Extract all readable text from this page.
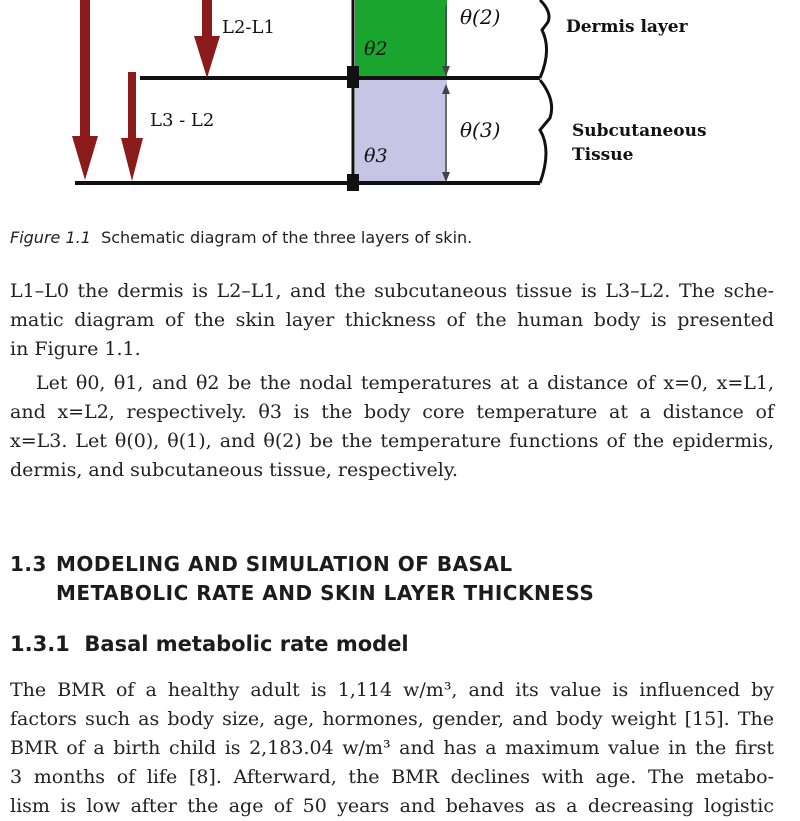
L2-L1
L3 - L2
θ2
θ3
θ(2)
θ(3)
Dermis layer
Subcutaneous
Tissue
Figure 1.1 Schematic diagram of the three layers of skin.
L1–L0 the dermis is L2–L1, and the subcutaneous tissue is L3–L2. The sche-
matic diagram of the skin layer thickness of the human body is presented
in Figure 1.1.
Let θ0, θ1, and θ2 be the nodal temperatures at a distance of x=0, x=L1,
and x=L2, respectively. θ3 is the body core temperature at a distance of
x=L3. Let θ(0), θ(1), and θ(2) be the temperature functions of the epidermis,
dermis, and subcutaneous tissue, respectively.
1.3 MODELING AND SIMULATION OF BASAL
METABOLIC RATE AND SKIN LAYER THICKNESS
1.3.1 Basal metabolic rate model
The BMR of a healthy adult is 1,114 w/m³, and its value is influenced by
factors such as body size, age, hormones, gender, and body weight [15]. The
BMR of a birth child is 2,183.04 w/m³ and has a maximum value in the first
3 months of life [8]. Afterward, the BMR declines with age. The metabo-
lism is low after the age of 50 years and behaves as a decreasing logistic
